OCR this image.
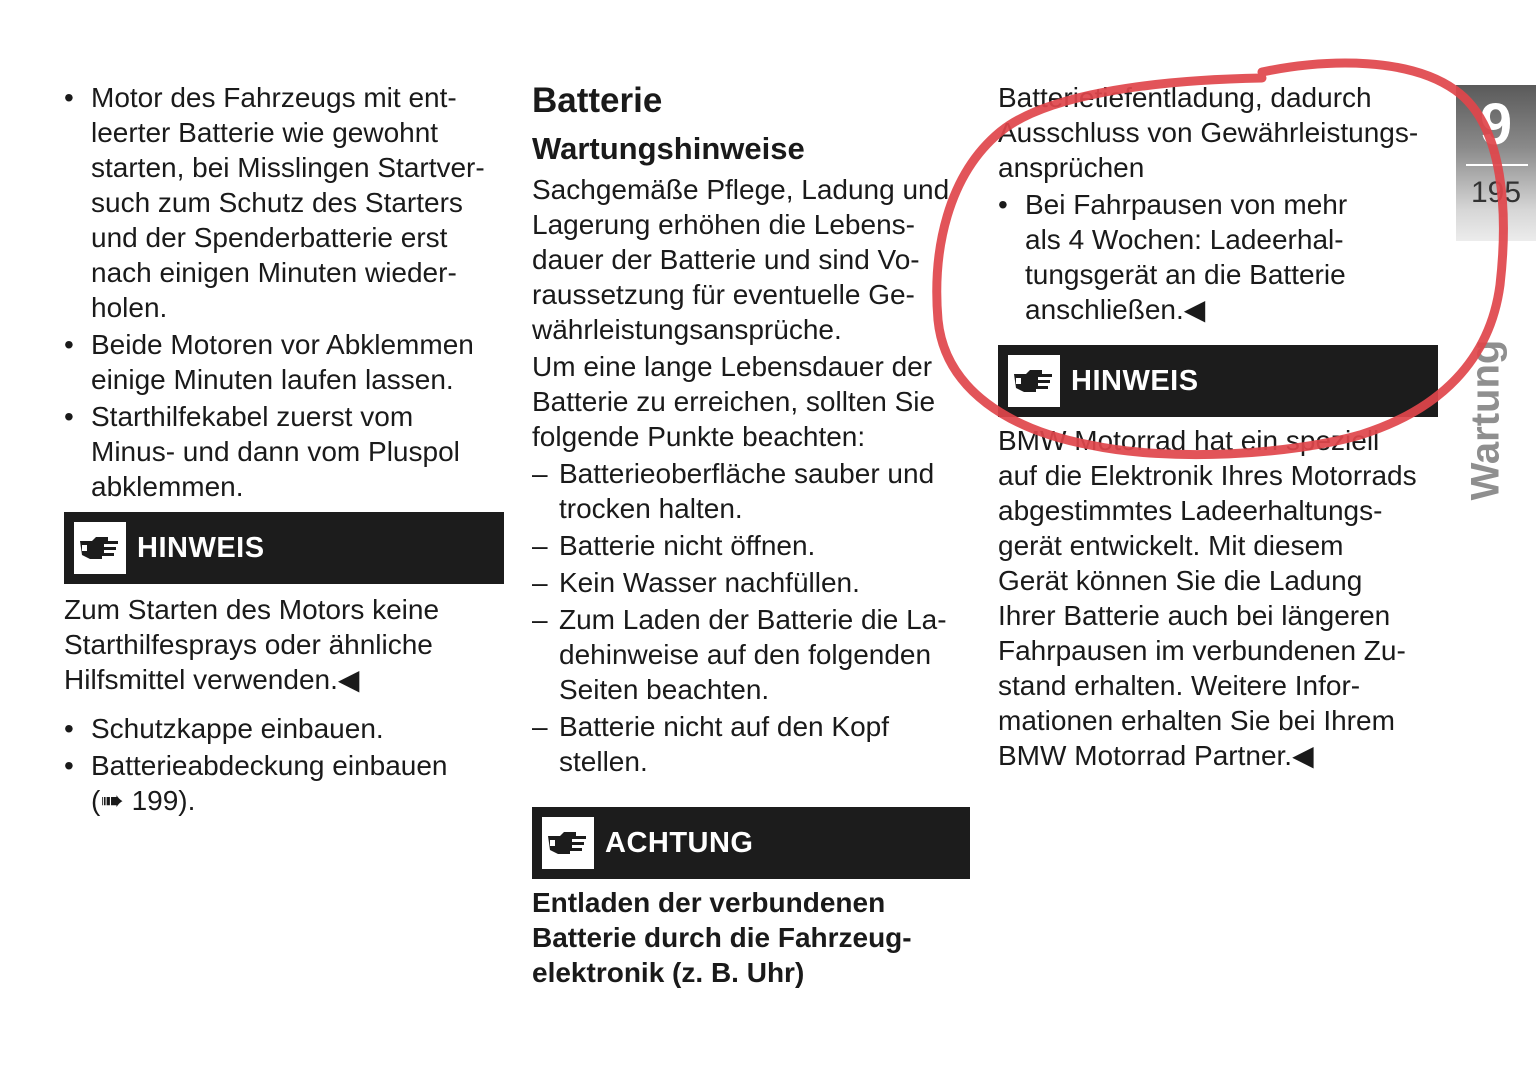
• Motor des Fahrzeugs mit ent-
leerter Batterie wie gewohnt
starten, bei Misslingen Startver-
such zum Schutz des Starters
und der Spenderbatterie erst
nach einigen Minuten wieder-
holen.
• Beide Motoren vor Abklemmen
einige Minuten laufen lassen.
• Starthilfekabel zuerst vom
Minus- und dann vom Pluspol
abklemmen.
HINWEIS
Zum Starten des Motors keine
Starthilfesprays oder ähnliche
Hilfsmittel verwenden.◀
• Schutzkappe einbauen.
• Batterieabdeckung einbauen
(➠ 199).
Batterie
Wartungshinweise
Sachgemäße Pflege, Ladung und
Lagerung erhöhen die Lebens-
dauer der Batterie und sind Vo-
raussetzung für eventuelle Ge-
währleistungsansprüche.
Um eine lange Lebensdauer der
Batterie zu erreichen, sollten Sie
folgende Punkte beachten:
– Batterieoberfläche sauber und
trocken halten.
– Batterie nicht öffnen.
– Kein Wasser nachfüllen.
– Zum Laden der Batterie die La-
dehinweise auf den folgenden
Seiten beachten.
– Batterie nicht auf den Kopf
stellen.
ACHTUNG
Entladen der verbundenen
Batterie durch die Fahrzeug-
elektronik (z. B. Uhr)
Batterietiefentladung, dadurch
Ausschluss von Gewährleistungs-
ansprüchen
• Bei Fahrpausen von mehr
als 4 Wochen: Ladeerhal-
tungsgerät an die Batterie
anschließen.◀
HINWEIS
BMW Motorrad hat ein speziell
auf die Elektronik Ihres Motorrads
abgestimmtes Ladeerhaltungs-
gerät entwickelt. Mit diesem
Gerät können Sie die Ladung
Ihrer Batterie auch bei längeren
Fahrpausen im verbundenen Zu-
stand erhalten. Weitere Infor-
mationen erhalten Sie bei Ihrem
BMW Motorrad Partner.◀
9
195
Wartung
